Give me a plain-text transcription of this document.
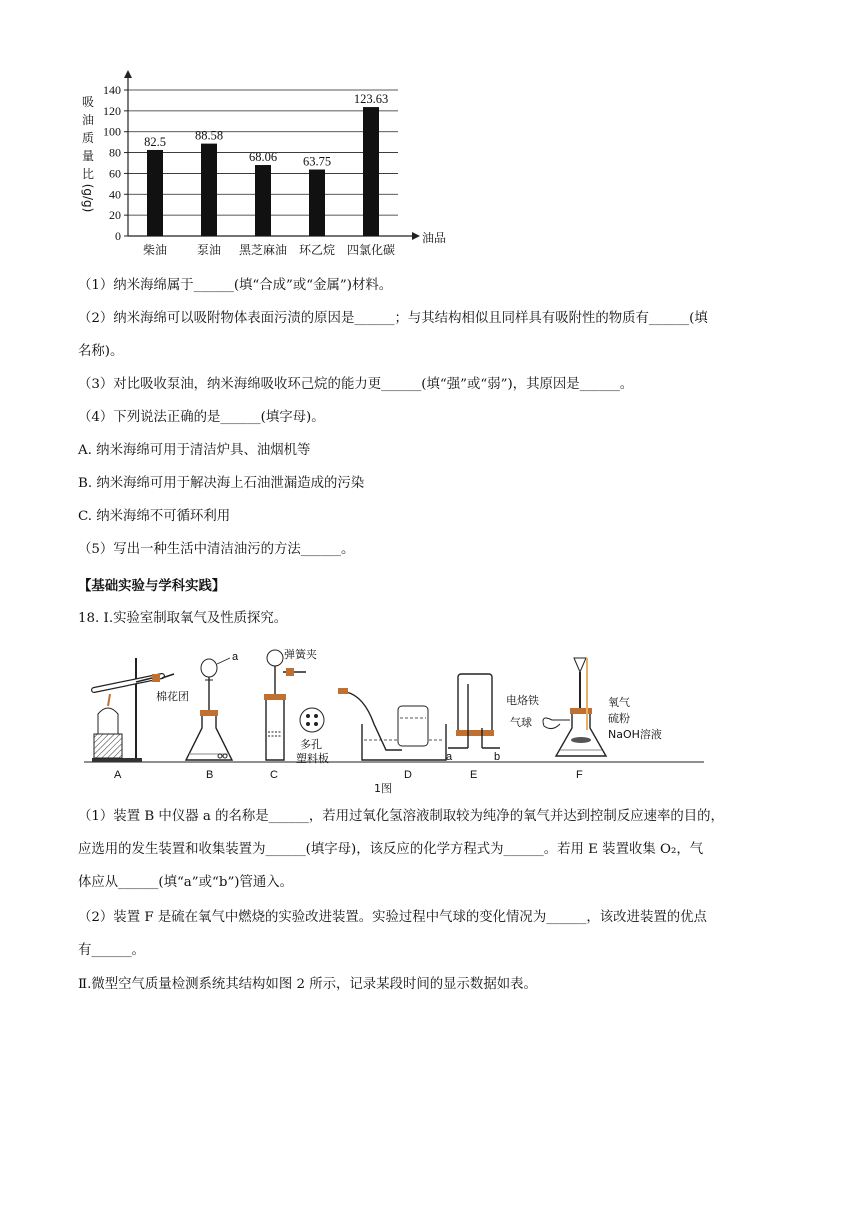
0
20
40
60
80
100
120
140
82.5
柴油
88.58
泵油
68.06
黑芝麻油
63.75
环乙烷
123.63
四氯化碳
油品
吸
油
质
量
比
(g/g)
（1）纳米海绵属于______(填“合成”或“金属”)材料。
（2）纳米海绵可以吸附物体表面污渍的原因是______；与其结构相似且同样具有吸附性的物质有______(填
名称)。
（3）对比吸收泵油，纳米海绵吸收环己烷的能力更______(填“强”或“弱”)，其原因是______。
（4）下列说法正确的是______(填字母)。
A. 纳米海绵可用于清洁炉具、油烟机等
B. 纳米海绵可用于解决海上石油泄漏造成的污染
C. 纳米海绵不可循环利用
（5）写出一种生活中清洁油污的方法______。
【基础实验与学科实践】
18. I.实验室制取氧气及性质探究。
棉花团
A
a
B
弹簧夹
多孔
塑料板
C	D
1图
a	b
E
电烙铁
气球
氧气
硫粉
NaOH溶液
F
（1）装置 B 中仪器 a 的名称是______，若用过氧化氢溶液制取较为纯净的氧气并达到控制反应速率的目的，
应选用的发生装置和收集装置为______(填字母)，该反应的化学方程式为______。若用 E 装置收集 O₂，气
体应从______(填“a”或“b”)管通入。
（2）装置 F 是硫在氧气中燃烧的实验改进装置。实验过程中气球的变化情况为______，该改进装置的优点
有______。
Ⅱ.微型空气质量检测系统其结构如图 2 所示，记录某段时间的显示数据如表。
